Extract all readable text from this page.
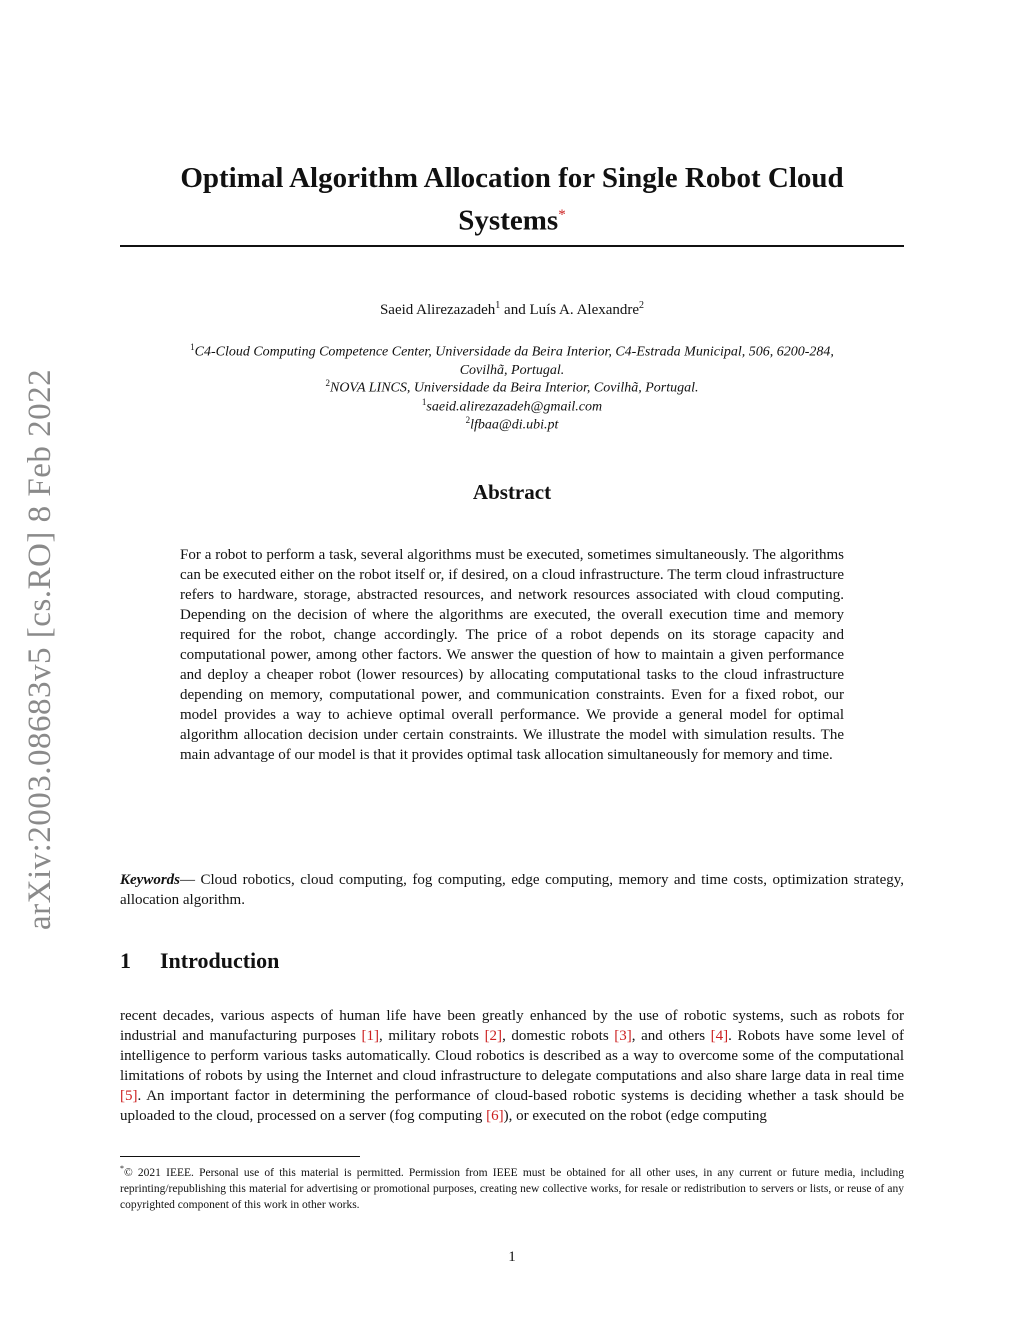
arXiv:2003.08683v5 [cs.RO] 8 Feb 2022
Optimal Algorithm Allocation for Single Robot Cloud
Systems*
Saeid Alirezazadeh$^1$ and Luís A. Alexandre$^2$
$^1$C4-Cloud Computing Competence Center, Universidade da Beira Interior, C4-Estrada Municipal, 506, 6200-284,
Covilhã, Portugal.
$^2$NOVA LINCS, Universidade da Beira Interior, Covilhã, Portugal.
$^1$saeid.alirezazadeh@gmail.com
$^2$lfbaa@di.ubi.pt
Abstract
For a robot to perform a task, several algorithms must be executed, sometimes simultaneously. The algorithms can be executed either on the robot itself or, if desired, on a cloud infrastructure. The term cloud infrastructure refers to hardware, storage, abstracted resources, and network resources associated with cloud computing. Depending on the decision of where the algorithms are executed, the overall execution time and memory required for the robot, change accordingly. The price of a robot depends on its storage capacity and computational power, among other factors. We answer the question of how to maintain a given performance and deploy a cheaper robot (lower resources) by allocating computational tasks to the cloud infrastructure depending on memory, computational power, and communication constraints. Even for a fixed robot, our model provides a way to achieve optimal overall performance. We provide a general model for optimal algorithm allocation decision under certain constraints. We illustrate the model with simulation results. The main advantage of our model is that it provides optimal task allocation simultaneously for memory and time.
Keywords— Cloud robotics, cloud computing, fog computing, edge computing, memory and time costs, optimization strategy, allocation algorithm.
1 Introduction
recent decades, various aspects of human life have been greatly enhanced by the use of robotic systems, such as robots for industrial and manufacturing purposes [1], military robots [2], domestic robots [3], and others [4]. Robots have some level of intelligence to perform various tasks automatically. Cloud robotics is described as a way to overcome some of the computational limitations of robots by using the Internet and cloud infrastructure to delegate computations and also share large data in real time [5]. An important factor in determining the performance of cloud-based robotic systems is deciding whether a task should be uploaded to the cloud, processed on a server (fog computing [6]), or executed on the robot (edge computing
*© 2021 IEEE. Personal use of this material is permitted. Permission from IEEE must be obtained for all other uses, in any current or future media, including reprinting/republishing this material for advertising or promotional purposes, creating new collective works, for resale or redistribution to servers or lists, or reuse of any copyrighted component of this work in other works.
1
